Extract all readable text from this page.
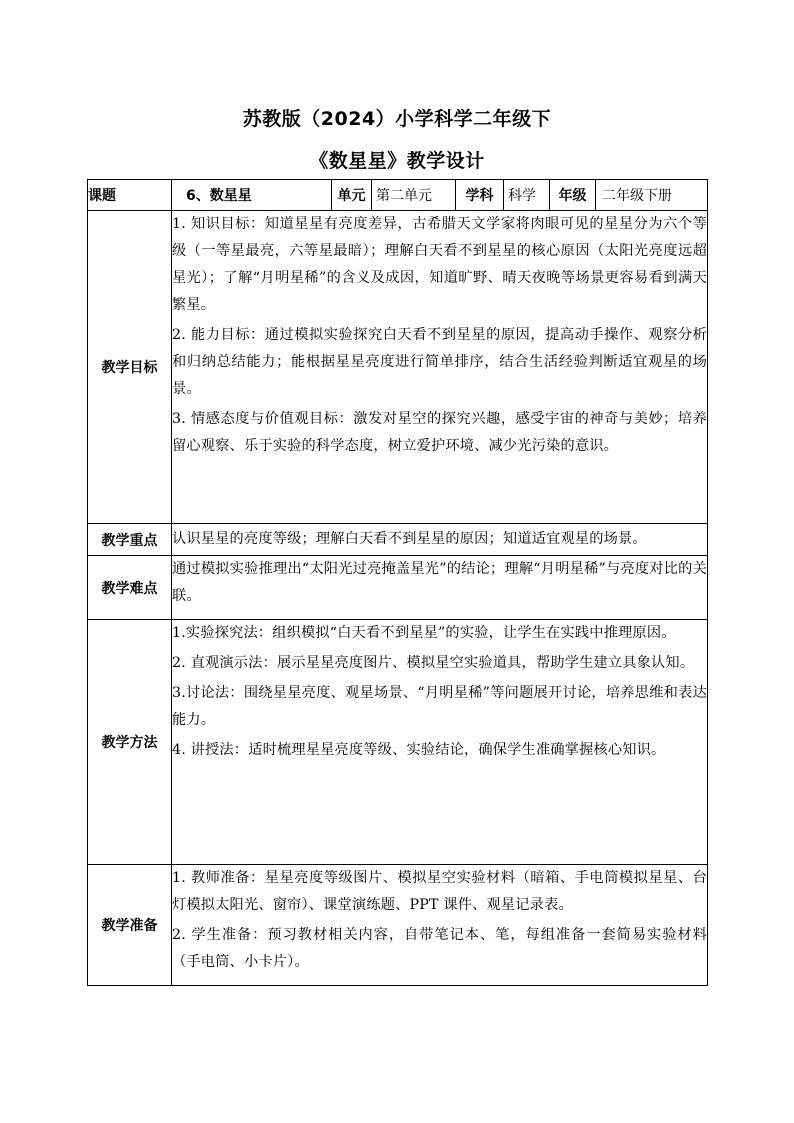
苏教版（2024）小学科学二年级下
《数星星》教学设计
课题	6、数星星	单元	第二单元	学科	科学	年级	二年级下册
教学目标	1. 知识目标：知道星星有亮度差异，古希腊天文学家将肉眼可见的星星分为六个等级（一等星最亮，六等星最暗）；理解白天看不到星星的核心原因（太阳光亮度远超星光）；了解“月明星稀”的含义及成因，知道旷野、晴天夜晚等场景更容易看到满天繁星。

2. 能力目标：通过模拟实验探究白天看不到星星的原因，提高动手操作、观察分析和归纳总结能力；能根据星星亮度进行简单排序，结合生活经验判断适宜观星的场景。

3. 情感态度与价值观目标：激发对星空的探究兴趣，感受宇宙的神奇与美妙；培养留心观察、乐于实验的科学态度，树立爱护环境、减少光污染的意识。						

教学重点	认识星星的亮度等级；理解白天看不到星星的原因；知道适宜观星的场景。						

教学难点	通过模拟实验推理出“太阳光过亮掩盖星光”的结论；理解“月明星稀”与亮度对比的关联。						

教学方法	1.实验探究法：组织模拟“白天看不到星星”的实验，让学生在实践中推理原因。

2. 直观演示法：展示星星亮度图片、模拟星空实验道具，帮助学生建立具象认知。

3.讨论法：围绕星星亮度、观星场景、“月明星稀”等问题展开讨论，培养思维和表达能力。

4. 讲授法：适时梳理星星亮度等级、实验结论，确保学生准确掌握核心知识。						

教学准备	1. 教师准备：星星亮度等级图片、模拟星空实验材料（暗箱、手电筒模拟星星、台灯模拟太阳光、窗帘）、课堂演练题、PPT 课件、观星记录表。

2. 学生准备：预习教材相关内容，自带笔记本、笔，每组准备一套简易实验材料（手电筒、小卡片）。						
